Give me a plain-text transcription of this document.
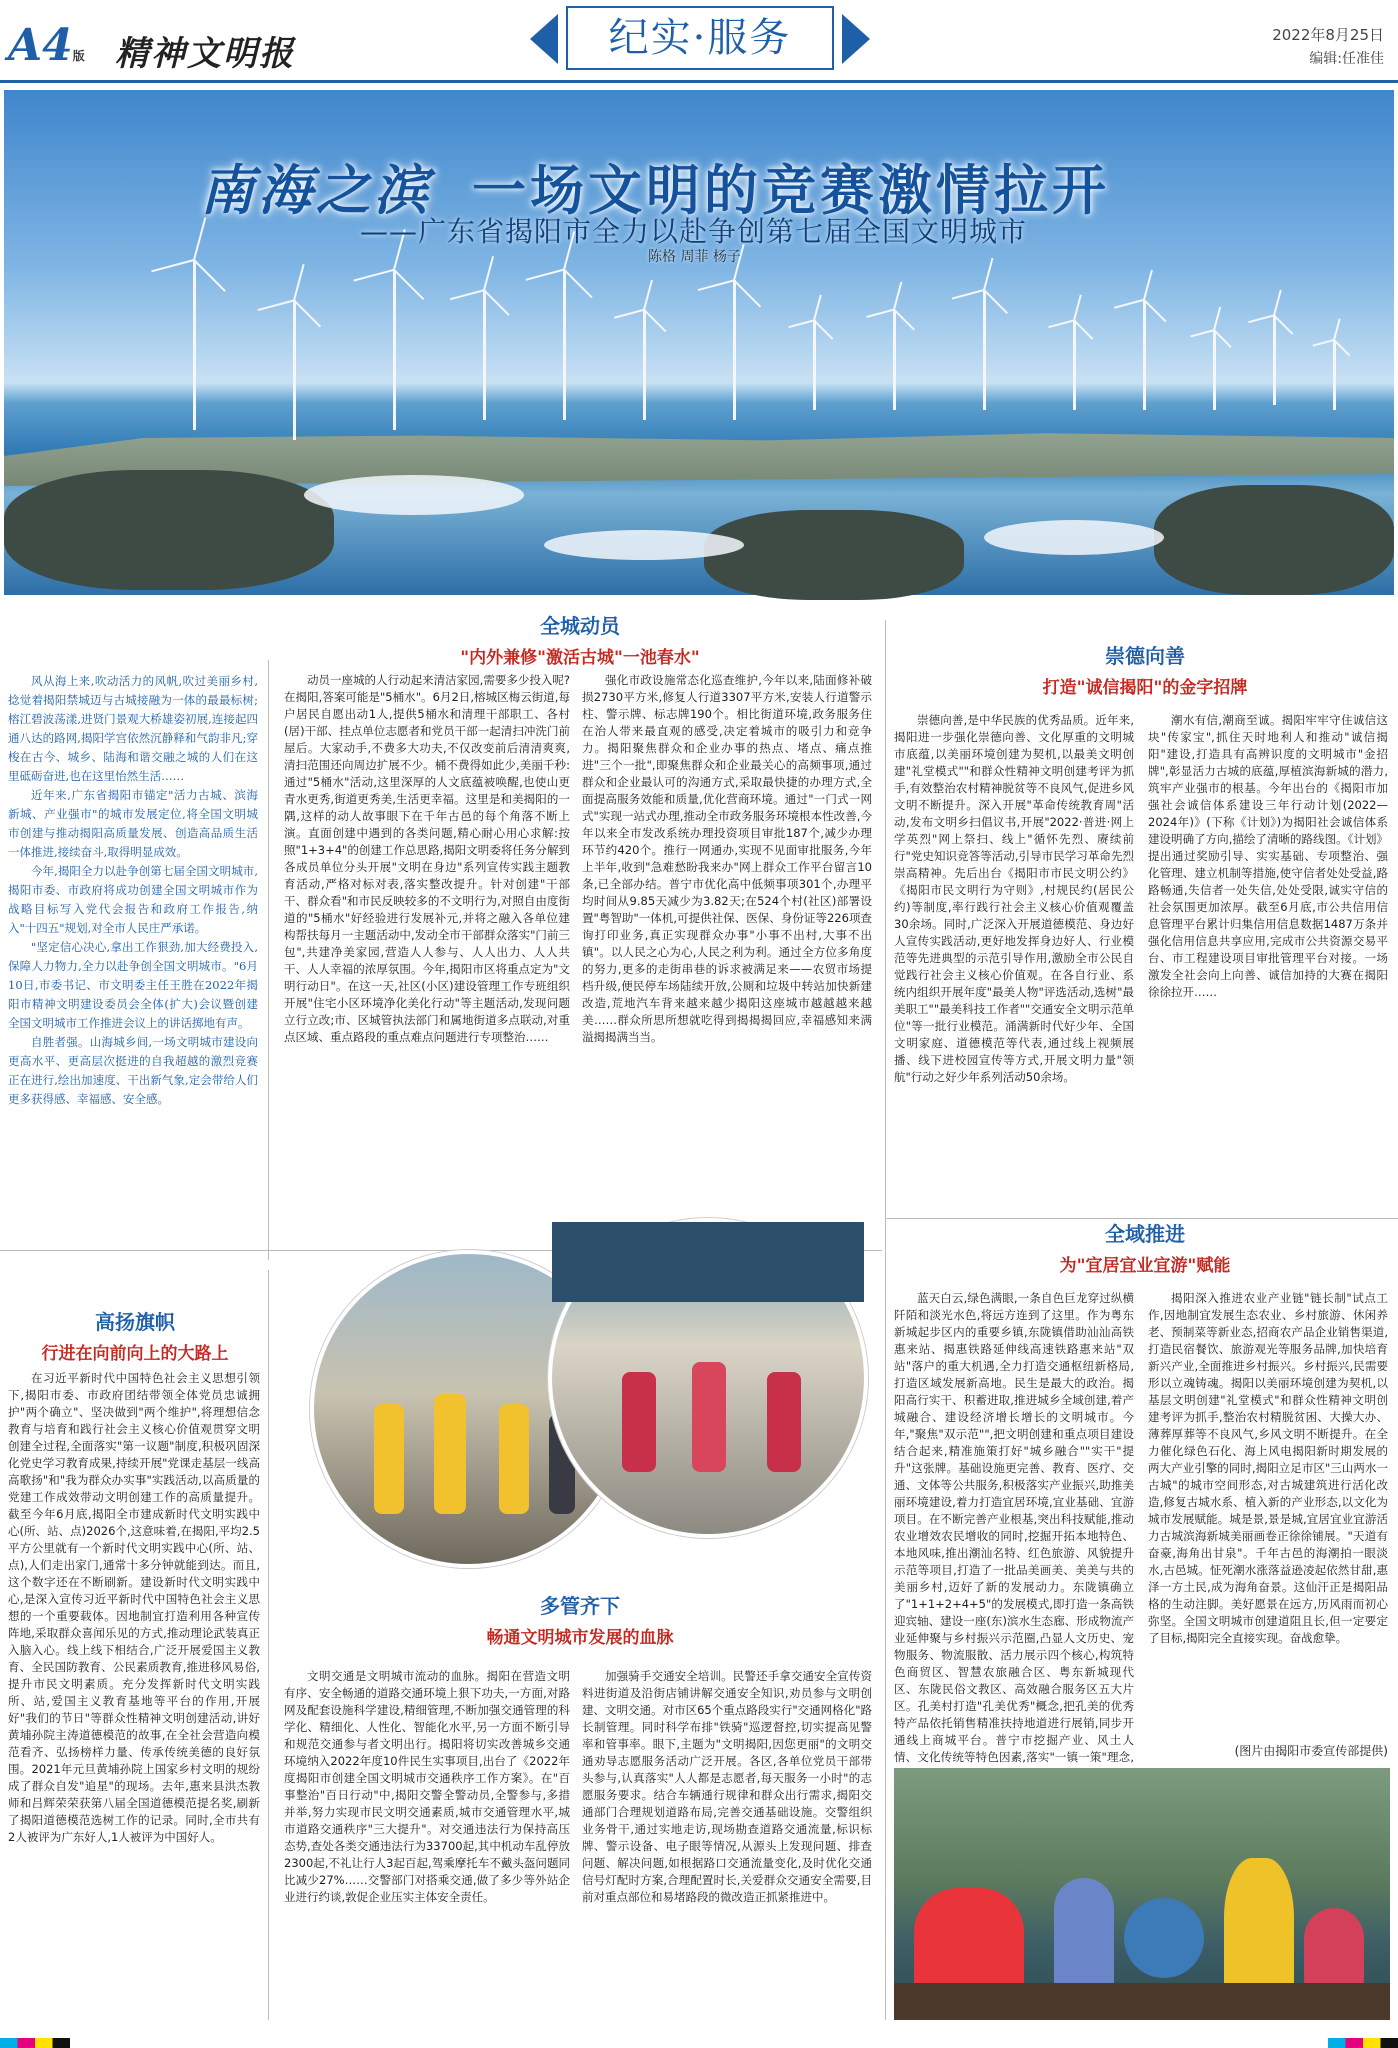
A4版 精神文明报	纪实·服务	2022年8月25日
编辑:任准佳
南海之滨 一场文明的竞赛激情拉开
——广东省揭阳市全力以赴争创第七届全国文明城市
陈格 周菲 杨子

风从海上来,吹动活力的风帆,吹过美丽乡村,捻觉着揭阳禁城迈与古城接融为一体的最最标树;榕江碧波荡漾,进贤门景观大桥雄姿初展,连接起四通八达的路网,揭阳学宫依然沉静释和气韵非凡;穿梭在古今、城乡、陆海和谐交融之城的人们在这里砥砺奋进,也在这里怡然生活……

近年来,广东省揭阳市锚定"活力古城、滨海新城、产业强市"的城市发展定位,将全国文明城市创建与推动揭阳高质量发展、创造高品质生活一体推进,接续奋斗,取得明显成效。

今年,揭阳全力以赴争创第七届全国文明城市,揭阳市委、市政府将成功创建全国文明城市作为战略目标写入党代会报告和政府工作报告,纳入"十四五"规划,对全市人民庄严承诺。

"坚定信心决心,拿出工作狠劲,加大经费投入,保障人力物力,全力以赴争创全国文明城市。"6月10日,市委书记、市文明委主任王胜在2022年揭阳市精神文明建设委员会全体(扩大)会议暨创建全国文明城市工作推进会议上的讲话掷地有声。

自胜者强。山海城乡间,一场文明城市建设向更高水平、更高层次挺进的自我超越的激烈竞赛正在进行,绘出加速度、干出新气象,定会带给人们更多获得感、幸福感、安全感。

全城动员
"内外兼修"激活古城"一池春水"

动员一座城的人行动起来清洁家园,需要多少投入呢?在揭阳,答案可能是"5桶水"。6月2日,榕城区梅云街道,每户居民自愿出动1人,提供5桶水和清理干部职工、各村(居)干部、挂点单位志愿者和党员干部一起清扫冲洗门前屋后。大家动手,不费多大功夫,不仅改变前后清清爽爽,清扫范围还向周边扩展不少。桶不费得如此少,美丽千秒:通过"5桶水"活动,这里深厚的人文底蕴被唤醒,也使山更青水更秀,街道更秀美,生活更幸福。这里是和美揭阳的一隅,这样的动人故事眼下在千年古邑的每个角落不断上演。直面创建中遇到的各类问题,精心耐心用心求解:按照"1+3+4"的创建工作总思路,揭阳文明委将任务分解到各成员单位分头开展"文明在身边"系列宣传实践主题教育活动,严格对标对表,落实整改提升。针对创建"干部干、群众看"和市民反映较多的不文明行为,对照自由度街道的"5桶水"好经验进行发展补元,并将之融入各单位建构帮扶每月一主题活动中,发动全市干部群众落实"门前三包",共建净美家园,营造人人参与、人人出力、人人共干、人人幸福的浓厚氛围。今年,揭阳市区将重点定为"文明行动日"。在这一天,社区(小区)建设管理工作专班组织开展"住宅小区环境净化美化行动"等主题活动,发现问题立行立改;市、区城管执法部门和属地街道多点联动,对重点区域、重点路段的重点难点问题进行专项整治……

强化市政设施常态化巡查维护,今年以来,陆面修补破损2730平方米,修复人行道3307平方米,安装人行道警示柱、警示牌、标志牌190个。相比街道环境,政务服务住在治人带来最直观的感受,决定着城市的吸引力和竞争力。揭阳聚焦群众和企业办事的热点、堵点、痛点推进"三个一批",即聚焦群众和企业最关心的高频事项,通过群众和企业最认可的沟通方式,采取最快捷的办理方式,全面提高服务效能和质量,优化营商环境。通过"一门式一网式"实现一站式办理,推动全市政务服务环境根本性改善,今年以来全市发改系统办理投资项目审批187个,减少办理环节约420个。推行一网通办,实现不见面审批服务,今年上半年,收到"急难愁盼我来办"网上群众工作平台留言10条,已全部办结。普宁市优化高中低频事项301个,办理平均时间从9.85天减少为3.82天;在524个村(社区)部署设置"粤智助"一体机,可提供社保、医保、身份证等226项查询打印业务,真正实现群众办事"小事不出村,大事不出镇"。以人民之心为心,人民之利为利。通过全方位多角度的努力,更多的走街串巷的诉求被满足来——农贸市场提档升级,便民停车场陆续开放,公厕和垃圾中转站加快新建改造,荒地汽车背来越来越少揭阳这座城市越越越来越美……群众所思所想就吃得到揭揭揭回应,幸福感知来满溢揭揭满当当。

崇德向善
打造"诚信揭阳"的金字招牌

崇德向善,是中华民族的优秀品质。近年来,揭阳进一步强化崇德向善、文化厚重的文明城市底蕴,以美丽环境创建为契机,以最美文明创建"礼堂模式""和群众性精神文明创建考评为抓手,有效整治农村精神脱贫等不良风气,促进乡风文明不断提升。深入开展"革命传统教育周"活动,发布文明乡扫倡议书,开展"2022·普进·网上学英烈"网上祭扫、线上"循怀先烈、赓续前行"党史知识竞答等活动,引导市民学习革命先烈崇高精神。先后出台《揭阳市市民文明公约》《揭阳市民文明行为守则》,村规民约(居民公约)等制度,率行践行社会主义核心价值观覆盖30余场。同时,广泛深入开展道德模范、身边好人宣传实践活动,更好地发挥身边好人、行业模范等先进典型的示范引导作用,激励全市公民自觉践行社会主义核心价值观。在各自行业、系统内组织开展年度"最美人物"评选活动,选树"最美职工""最美科技工作者""交通安全文明示范单位"等一批行业模范。涌满新时代好少年、全国文明家庭、道德模范等代表,通过线上视频展播、线下进校园宣传等方式,开展文明力量"领航"行动之好少年系列活动50余场。

潮水有信,潮商至诚。揭阳牢牢守住诚信这块"传家宝",抓住天时地利人和推动"诚信揭阳"建设,打造具有高辨识度的文明城市"金招牌",彰显活力古城的底蕴,厚植滨海新城的潜力,筑牢产业强市的根基。今年出台的《揭阳市加强社会诚信体系建设三年行动计划(2022—2024年)》(下称《计划》)为揭阳社会诚信体系建设明确了方向,描绘了清晰的路线图。《计划》提出通过奖励引导、实实基础、专项整治、强化管理、建立机制等措施,使守信者处处受益,路路畅通,失信者一处失信,处处受限,诚实守信的社会氛围更加浓厚。截至6月底,市公共信用信息管理平台累计归集信用信息数据1487万条并强化信用信息共享应用,完成市公共资源交易平台、市工程建设项目审批管理平台对接。一场激发全社会向上向善、诚信加持的大赛在揭阳徐徐拉开……

高扬旗帜
行进在向前向上的大路上

在习近平新时代中国特色社会主义思想引领下,揭阳市委、市政府团结带领全体党员忠诚拥护"两个确立"、坚决做到"两个维护",将理想信念教育与培育和践行社会主义核心价值观贯穿文明创建全过程,全面落实"第一议题"制度,积极巩固深化党史学习教育成果,持续开展"党课走基层一线高高歌扬"和"我为群众办实事"实践活动,以高质量的党建工作成效带动文明创建工作的高质量提升。截至今年6月底,揭阳全市建成新时代文明实践中心(所、站、点)2026个,这意味着,在揭阳,平均2.5平方公里就有一个新时代文明实践中心(所、站、点),人们走出家门,通常十多分钟就能到达。而且,这个数字还在不断刷新。建设新时代文明实践中心,是深入宣传习近平新时代中国特色社会主义思想的一个重要载体。因地制宜打造利用各种宣传阵地,采取群众喜闻乐见的方式,推动理论武装真正入脑入心。线上线下相结合,广泛开展爱国主义教育、全民国防教育、公民素质教育,推进移风易俗,提升市民文明素质。充分发挥新时代文明实践所、站,爱国主义教育基地等平台的作用,开展好"我们的节日"等群众性精神文明创建活动,讲好黄埔孙院主涛道德模范的故事,在全社会营造向模范看齐、弘扬榜样力量、传承传统美德的良好氛围。2021年元旦黄埔孙院上国家乡村文明的规纷成了群众自发"追星"的现场。去年,惠来县洪杰教师和吕辉荣荣获第八届全国道德模范提名奖,刷新了揭阳道德模范选树工作的记录。同时,全市共有2人被评为广东好人,1人被评为中国好人。

多管齐下
畅通文明城市发展的血脉

文明交通是文明城市流动的血脉。揭阳在营造文明有序、安全畅通的道路交通环境上狠下功夫,一方面,对路网及配套设施科学建设,精细管理,不断加强交通管理的科学化、精细化、人性化、智能化水平,另一方面不断引导和规范交通参与者文明出行。揭阳将切实改善城乡交通环境纳入2022年度10件民生实事项目,出台了《2022年度揭阳市创建全国文明城市交通秩序工作方案》。在"百事整治"百日行动"中,揭阳交警全警动员,全警参与,多措并举,努力实现市民文明交通素质,城市交通管理水平,城市道路交通秩序"三大提升"。对交通违法行为保持高压态势,查处各类交通违法行为33700起,其中机动车乱停放2300起,不礼让行人3起百起,驾乘摩托车不戴头盔问题同比减少27%……交警部门对搭乘交通,做了多少等外站企业进行约谈,敦促企业压实主体安全责任。

加强骑手交通安全培训。民警还手拿交通安全宣传资料进街道及沿街店铺讲解交通安全知识,劝员参与文明创建、文明交通。对市区65个重点路段实行"交通网格化"路长制管理。同时科学布排"铁骑"巡逻督控,切实提高见警率和管事率。眼下,主题为"文明揭阳,因您更丽"的文明交通劝导志愿服务活动广泛开展。各区,各单位党员干部带头参与,认真落实"人人都是志愿者,每天服务一小时"的志愿服务要求。结合车辆通行规律和群众出行需求,揭阳交通部门合理规划道路布局,完善交通基础设施。交警组织业务骨干,通过实地走访,现场勘查道路交通流量,标识标牌、警示设备、电子眼等情况,从源头上发现问题、排查问题、解决问题,如根据路口交通流量变化,及时优化交通信号灯配时方案,合理配置时长,关爱群众交通安全需要,目前对重点部位和易堵路段的微改造正抓紧推进中。

全域推进
为"宜居宜业宜游"赋能

蓝天白云,绿色满眼,一条自色巨龙穿过纵横阡陌和淡光水色,将远方连到了这里。作为粤东新城起步区内的重要乡镇,东陇镇借助汕汕高铁惠来站、揭惠铁路延伸线高速铁路惠来站"双站"落户的重大机遇,全力打造交通枢纽新格局,打造区域发展新高地。民生是最大的政治。揭阳高行实干、积蓄进取,推进城乡全域创建,着产城融合、建设经济增长增长的文明城市。今年,"聚焦"双示范"",把文明创建和重点项目建设结合起来,精准施策打好"城乡融合""实干"提升"这张牌。基础设施更完善、教育、医疗、交通、文体等公共服务,积极落实产业振兴,助推美丽环境建设,着力打造宜居环境,宜业基础、宜游项目。在不断完善产业根基,突出科技赋能,推动农业增效农民增收的同时,挖掘开拓本地特色、本地风味,推出潮汕名特、红色旅游、风貌提升示范等项目,打造了一批品美画美、美美与共的美丽乡村,迈好了新的发展动力。东陇镇确立了"1+1+2+4+5"的发展模式,即打造一条高铁迎宾轴、建设一座(东)滨水生态廊、形成物流产业延伸聚与乡村振兴示范圈,凸显人文历史、宠物服务、物流服散、活力展示四个核心,构筑特色商贸区、智慧农旅融合区、粤东新城现代区、东陇民俗文教区、高效融合服务区五大片区。孔美村打造"孔美优秀"概念,把孔美的优秀特产品依托销售精准扶持地道进行展销,同步开通线上商城平台。普宁市挖掘产业、风土人情、文化传统等特色因素,落实"一镇一策"理念,

揭阳深入推进农业产业链"链长制"试点工作,因地制宜发展生态农业、乡村旅游、休闲养老、预制菜等新业态,招商农产品企业销售渠道,打造民宿餐饮、旅游观光等服务品牌,加快培育新兴产业,全面推进乡村振兴。乡村振兴,民需要形以立魂铸魂。揭阳以美丽环境创建为契机,以基层文明创建"礼堂模式"和群众性精神文明创建考评为抓手,整治农村精脱贫困、大操大办、薄葬厚葬等不良风气,乡风文明不断提升。在全力催化绿色石化、海上风电揭阳新时期发展的两大产业引擎的同时,揭阳立足市区"三山两水一古城"的城市空间形态,对古城建筑进行活化改造,修复古城水系、植入新的产业形态,以文化为城市发展赋能。城是景,景是城,宜居宜业宜游活力古城滨海新城美丽画卷正徐徐铺展。"天道有奋豪,海角出甘泉"。千年古邑的海潮拍一眼淡水,古邑城。怔死潮水涨落益逊凌起依然甘甜,惠泽一方土民,成为海角奋景。这仙汗正是揭阳品格的生动注脚。美好愿景在远方,历风雨而初心弥坚。全国文明城市创建道阻且长,但一定要定了目标,揭阳完全直接实现。奋战愈挚。

(图片由揭阳市委宣传部提供)
